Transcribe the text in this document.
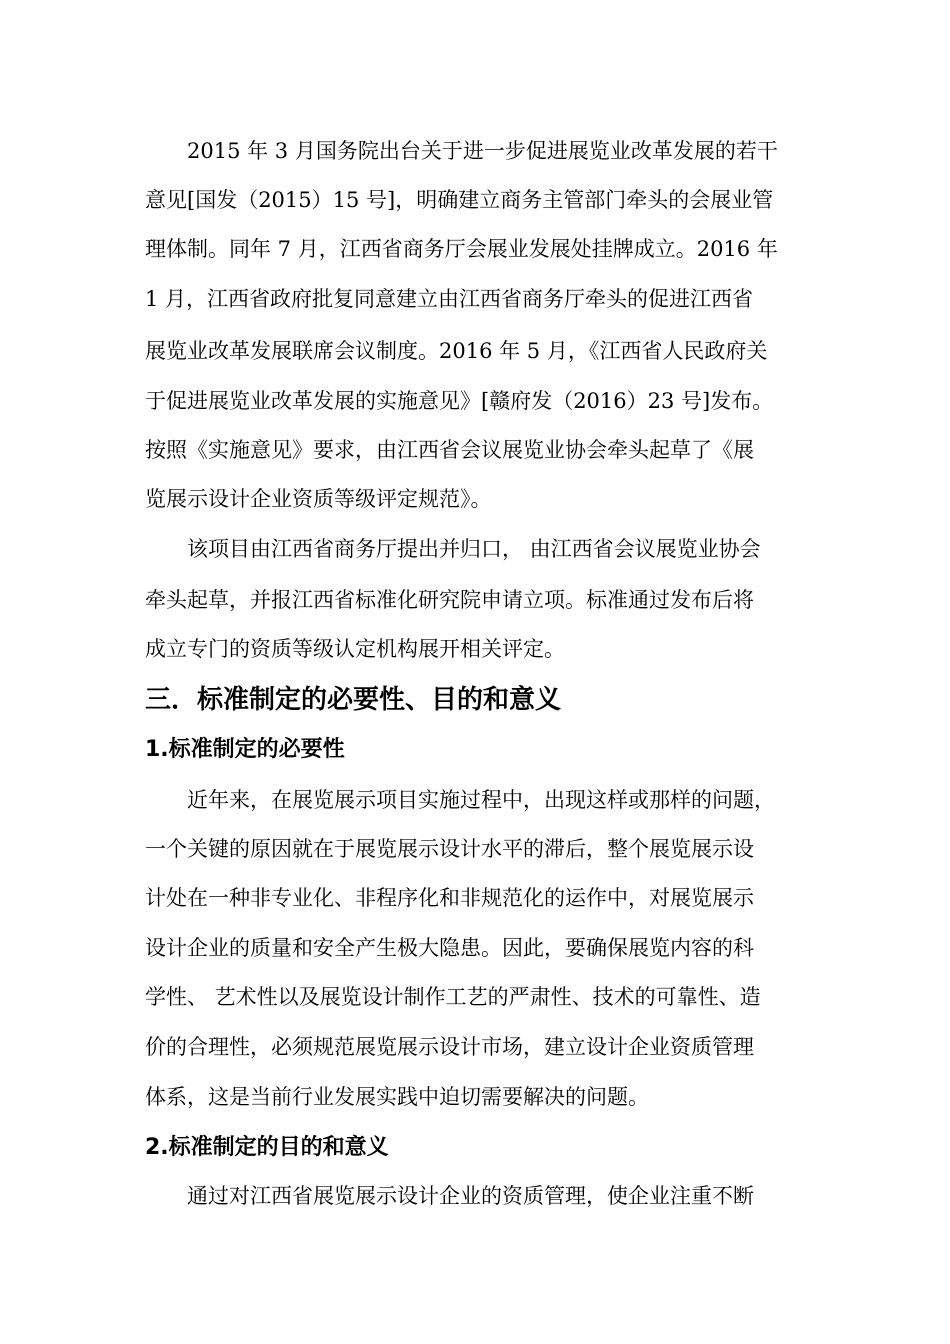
2015 年 3 月国务院出台关于进一步促进展览业改革发展的若干
意见[国发（2015）15 号]，明确建立商务主管部门牵头的会展业管
理体制。同年 7 月，江西省商务厅会展业发展处挂牌成立。2016 年
1 月，江西省政府批复同意建立由江西省商务厅牵头的促进江西省
展览业改革发展联席会议制度。2016 年 5 月，《江西省人民政府关
于促进展览业改革发展的实施意见》[赣府发（2016）23 号]发布。
按照《实施意见》要求，由江西省会议展览业协会牵头起草了《展
览展示设计企业资质等级评定规范》。
该项目由江西省商务厅提出并归口， 由江西省会议展览业协会
牵头起草，并报江西省标准化研究院申请立项。标准通过发布后将
成立专门的资质等级认定机构展开相关评定。
三．标准制定的必要性、目的和意义
1.标准制定的必要性
近年来，在展览展示项目实施过程中，出现这样或那样的问题，
一个关键的原因就在于展览展示设计水平的滞后，整个展览展示设
计处在一种非专业化、非程序化和非规范化的运作中，对展览展示
设计企业的质量和安全产生极大隐患。因此，要确保展览内容的科
学性、 艺术性以及展览设计制作工艺的严肃性、技术的可靠性、造
价的合理性，必须规范展览展示设计市场，建立设计企业资质管理
体系，这是当前行业发展实践中迫切需要解决的问题。
2.标准制定的目的和意义
通过对江西省展览展示设计企业的资质管理，使企业注重不断
